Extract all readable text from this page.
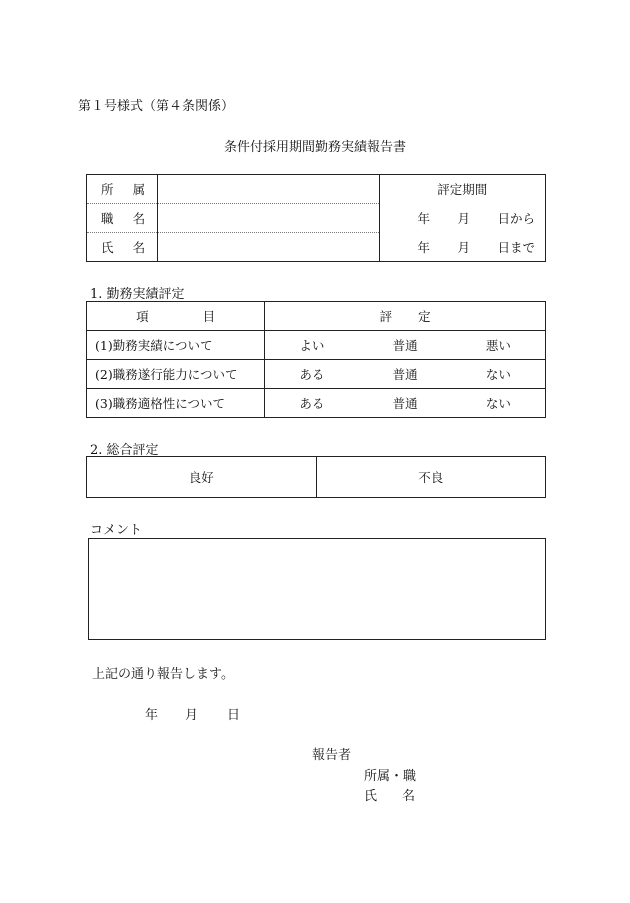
第１号様式（第４条関係）
条件付採用期間勤務実績報告書
所 属		評定期間

職 名		年 月 日から

氏 名		年 月 日まで
1. 勤務実績評定
項 目	評 定

(1)勤務実績について	よい 普通 悪い

(2)職務遂行能力について	ある 普通 ない

(3)職務適格性について	ある 普通 ない
2. 総合評定
良好	不良
コメント
上記の通り報告します。
年	月	日
報告者
所属・職
氏 名
